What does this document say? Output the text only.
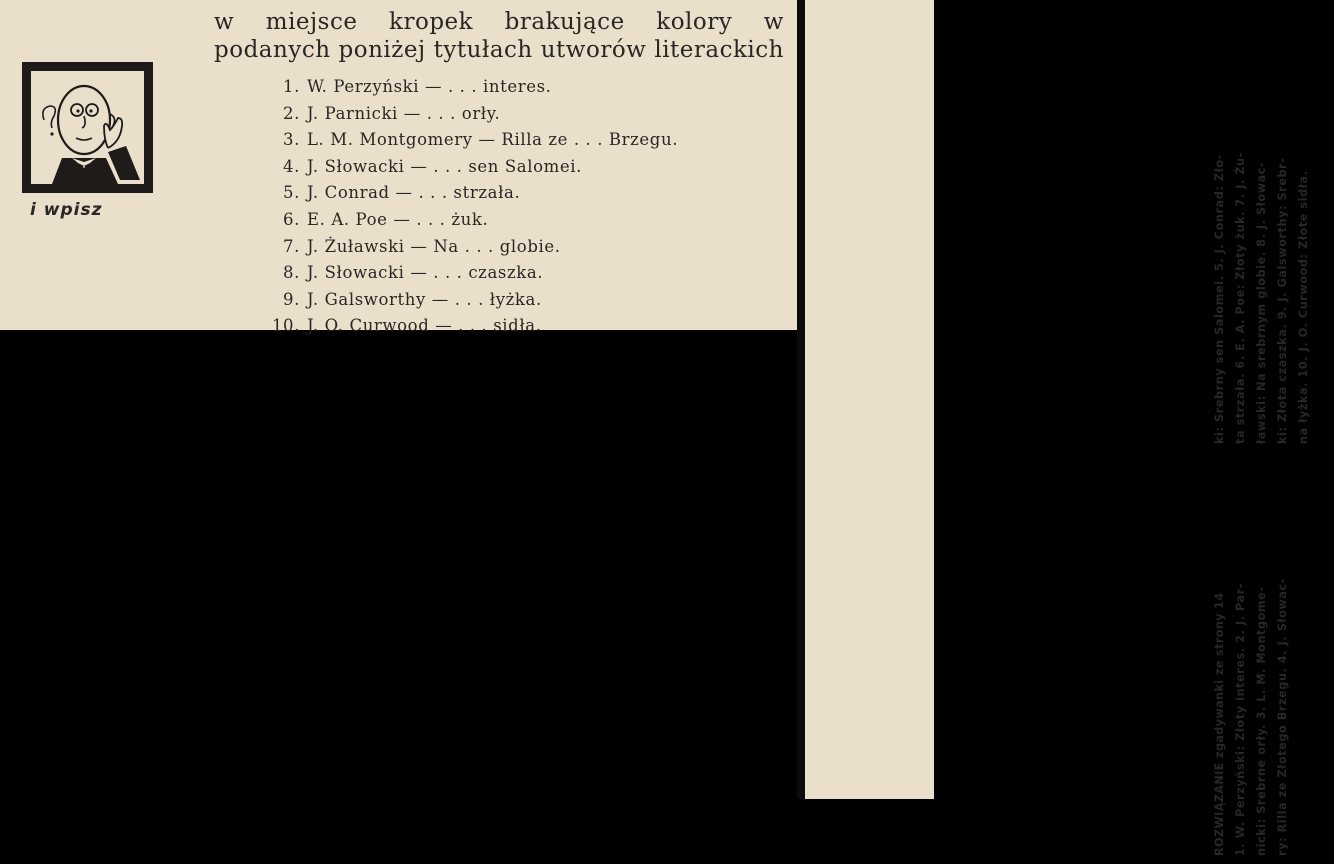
w miejsce kropek brakujące kolory w podanych poniżej tytułach utworów literackich

i wpisz

1. W. Perzyński — . . . interes.
2. J. Parnicki — . . . orły.
3. L. M. Montgomery — Rilla ze . . . Brzegu.
4. J. Słowacki — . . . sen Salomei.
5. J. Conrad — . . . strzała.
6. E. A. Poe — . . . żuk.
7. J. Żuławski — Na . . . globie.
8. J. Słowacki — . . . czaszka.
9. J. Galsworthy — . . . łyżka.
10. J. O. Curwood — . . . sidła.
ROZWIĄZANIE zgadywanki ze strony 14 1. W. Perzyński: Złoty interes. 2. J. Par- nicki: Srebrne orły. 3. L. M. Montgome- ry: Rilla ze Złotego Brzegu. 4. J. Słowac-
ki: Srebrny sen Salomei. 5. J. Conrad: Zło- ta strzała. 6. E. A. Poe: Złoty żuk. 7. J. Żu- ławski: Na srebrnym globie. 8. J. Słowac- ki: Złota czaszka. 9. J. Galsworthy: Srebr- na łyżka. 10. J. O. Curwood: Złote sidła.
